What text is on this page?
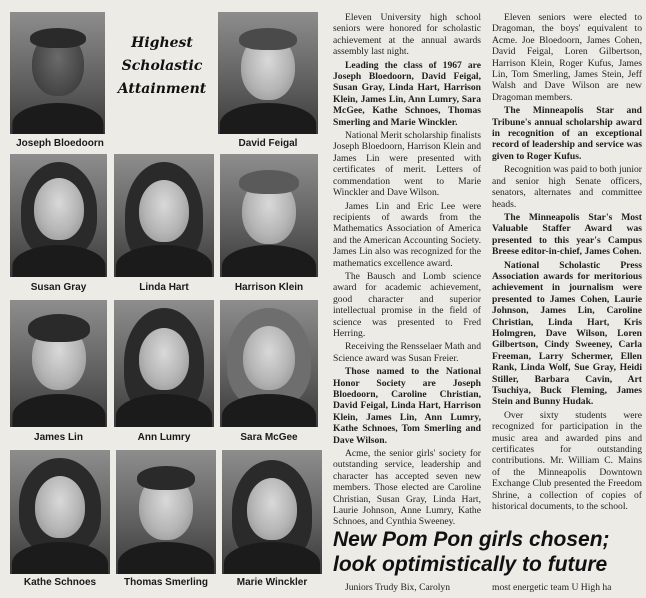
Highest
Scholastic
Attainment
Joseph Bloedoorn	David Feigal
Susan Gray	Linda Hart	Harrison Klein
James Lin	Ann Lumry	Sara McGee
Kathe Schnoes	Thomas Smerling	Marie Winckler

Eleven University high school seniors were honored for scholastic achievement at the annual awards assembly last night.

Leading the class of 1967 are Joseph Bloedoorn, David Feigal, Susan Gray, Linda Hart, Harrison Klein, James Lin, Ann Lumry, Sara McGee, Kathe Schnoes, Thomas Smerling and Marie Winckler.

National Merit scholarship finalists Joseph Bloedoorn, Harrison Klein and James Lin were presented with certificates of merit. Letters of commendation went to Marie Winckler and Dave Wilson.

James Lin and Eric Lee were recipients of awards from the Mathematics Association of America and the American Accounting Society. James Lin also was recognized for the mathematics excellence award.

The Bausch and Lomb science award for academic achievement, good character and superior intellectual promise in the field of science was presented to Fred Herring.

Receiving the Rensselaer Math and Science award was Susan Freier.

Those named to the National Honor Society are Joseph Bloedoorn, Caroline Christian, David Feigal, Linda Hart, Harrison Klein, James Lin, Ann Lumry, Kathe Schnoes, Tom Smerling and Dave Wilson.

Acme, the senior girls' society for outstanding service, leadership and character has accepted seven new members. Those elected are Caroline Christian, Susan Gray, Linda Hart, Laurie Johnson, Anne Lumry, Kathe Schnoes, and Cynthia Sweeney.

Eleven seniors were elected to Dragoman, the boys' equivalent to Acme. Joe Bloedoorn, James Cohen, David Feigal, Loren Gilbertson, Harrison Klein, Roger Kufus, James Lin, Tom Smerling, James Stein, Jeff Walsh and Dave Wilson are new Dragoman members.

The Minneapolis Star and Tribune's annual scholarship award in recognition of an exceptional record of leadership and service was given to Roger Kufus.

Recognition was paid to both junior and senior high Senate officers, senators, alternates and committee heads.

The Minneapolis Star's Most Valuable Staffer Award was presented to this year's Campus Breese editor-in-chief, James Cohen.

National Scholastic Press Association awards for meritorious achievement in journalism were presented to James Cohen, Laurie Johnson, James Lin, Caroline Christian, Linda Hart, Kris Holmgren, Dave Wilson, Loren Gilbertson, Cindy Sweeney, Carla Freeman, Larry Schermer, Ellen Rank, Linda Wolf, Sue Gray, Heidi Stiller, Barbara Cavin, Art Tsuchiya, Buck Fleming, James Stein and Bunny Hudak.

Over sixty students were recognized for participation in the music area and awarded pins and certificates for outstanding contributions. Mr. William C. Mains of the Minneapolis Downtown Exchange Club presented the Freedom Shrine, a collection of copies of historical documents, to the school.

New Pom Pon girls chosen;
look optimistically to future
Juniors Trudy Bix, Carolyn	most energetic team U High ha
